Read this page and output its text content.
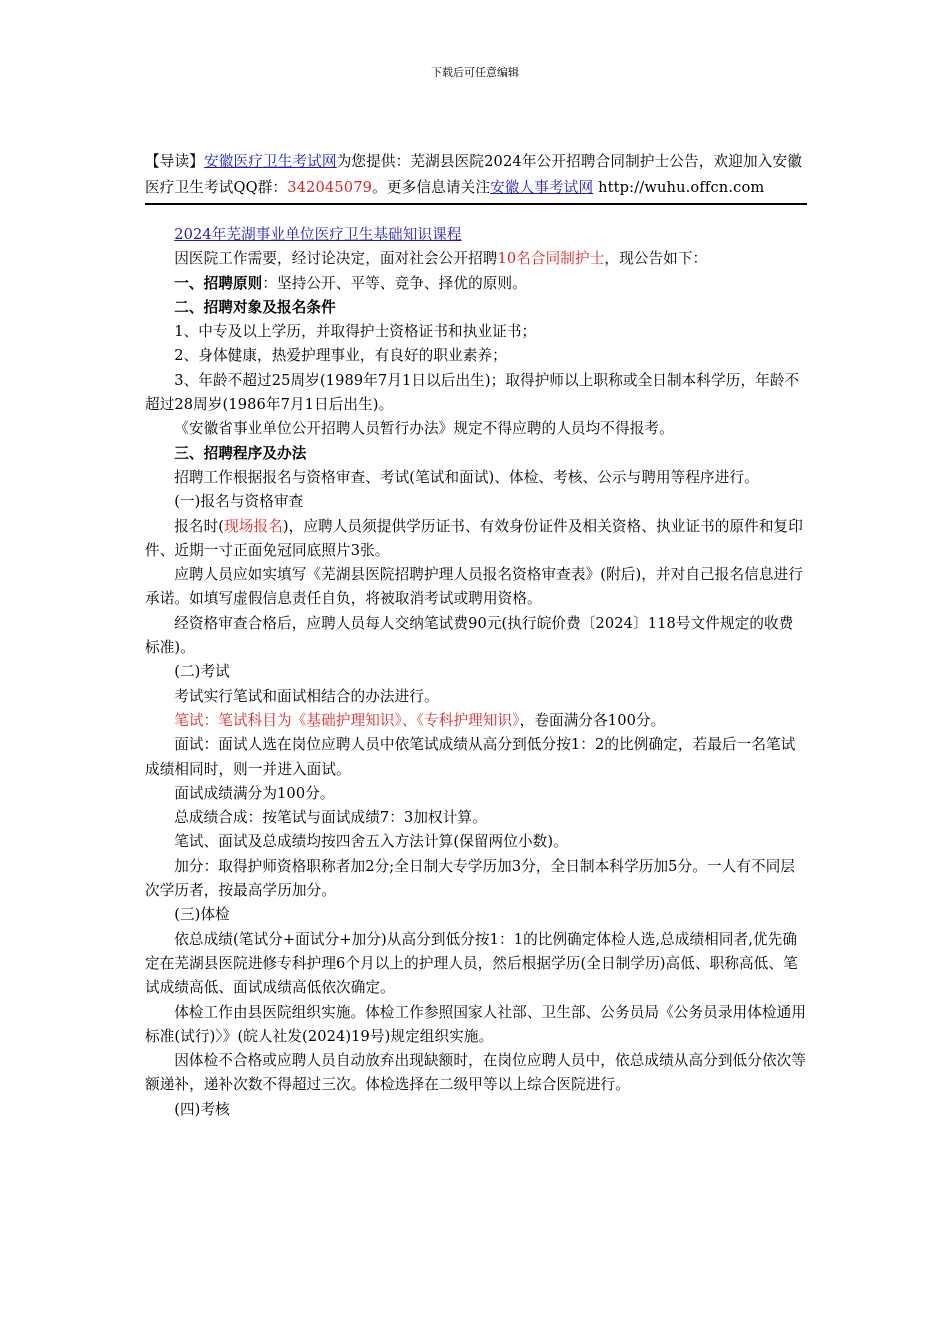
下载后可任意编辑
【导读】安徽医疗卫生考试网为您提供：芜湖县医院2024年公开招聘合同制护士公告，欢迎加入安徽医疗卫生考试QQ群：342045079。更多信息请关注安徽人事考试网 http://wuhu.offcn.com

2024年芜湖事业单位医疗卫生基础知识课程

因医院工作需要，经讨论决定，面对社会公开招聘10名合同制护士，现公告如下：

一、招聘原则：坚持公开、平等、竞争、择优的原则。

二、招聘对象及报名条件

1、中专及以上学历，并取得护士资格证书和执业证书；

2、身体健康，热爱护理事业，有良好的职业素养；

3、年龄不超过25周岁(1989年7月1日以后出生)；取得护师以上职称或全日制本科学历，年龄不超过28周岁(1986年7月1日后出生)。

《安徽省事业单位公开招聘人员暂行办法》规定不得应聘的人员均不得报考。

三、招聘程序及办法

招聘工作根据报名与资格审查、考试(笔试和面试)、体检、考核、公示与聘用等程序进行。

(一)报名与资格审查

报名时(现场报名)，应聘人员须提供学历证书、有效身份证件及相关资格、执业证书的原件和复印件、近期一寸正面免冠同底照片3张。

应聘人员应如实填写《芜湖县医院招聘护理人员报名资格审查表》(附后)，并对自己报名信息进行承诺。如填写虚假信息责任自负，将被取消考试或聘用资格。

经资格审查合格后，应聘人员每人交纳笔试费90元(执行皖价费〔2024〕118号文件规定的收费标准)。

(二)考试

考试实行笔试和面试相结合的办法进行。

笔试：笔试科目为《基础护理知识》、《专科护理知识》，卷面满分各100分。

面试：面试人选在岗位应聘人员中依笔试成绩从高分到低分按1：2的比例确定，若最后一名笔试成绩相同时，则一并进入面试。

面试成绩满分为100分。

总成绩合成：按笔试与面试成绩7：3加权计算。

笔试、面试及总成绩均按四舍五入方法计算(保留两位小数)。

加分：取得护师资格职称者加2分;全日制大专学历加3分，全日制本科学历加5分。一人有不同层次学历者，按最高学历加分。

(三)体检

依总成绩(笔试分+面试分+加分)从高分到低分按1：1的比例确定体检人选,总成绩相同者,优先确定在芜湖县医院进修专科护理6个月以上的护理人员，然后根据学历(全日制学历)高低、职称高低、笔试成绩高低、面试成绩高低依次确定。

体检工作由县医院组织实施。体检工作参照国家人社部、卫生部、公务员局《公务员录用体检通用标准(试行)〉》(皖人社发(2024)19号)规定组织实施。

因体检不合格或应聘人员自动放弃出现缺额时，在岗位应聘人员中，依总成绩从高分到低分依次等额递补，递补次数不得超过三次。体检选择在二级甲等以上综合医院进行。

(四)考核
